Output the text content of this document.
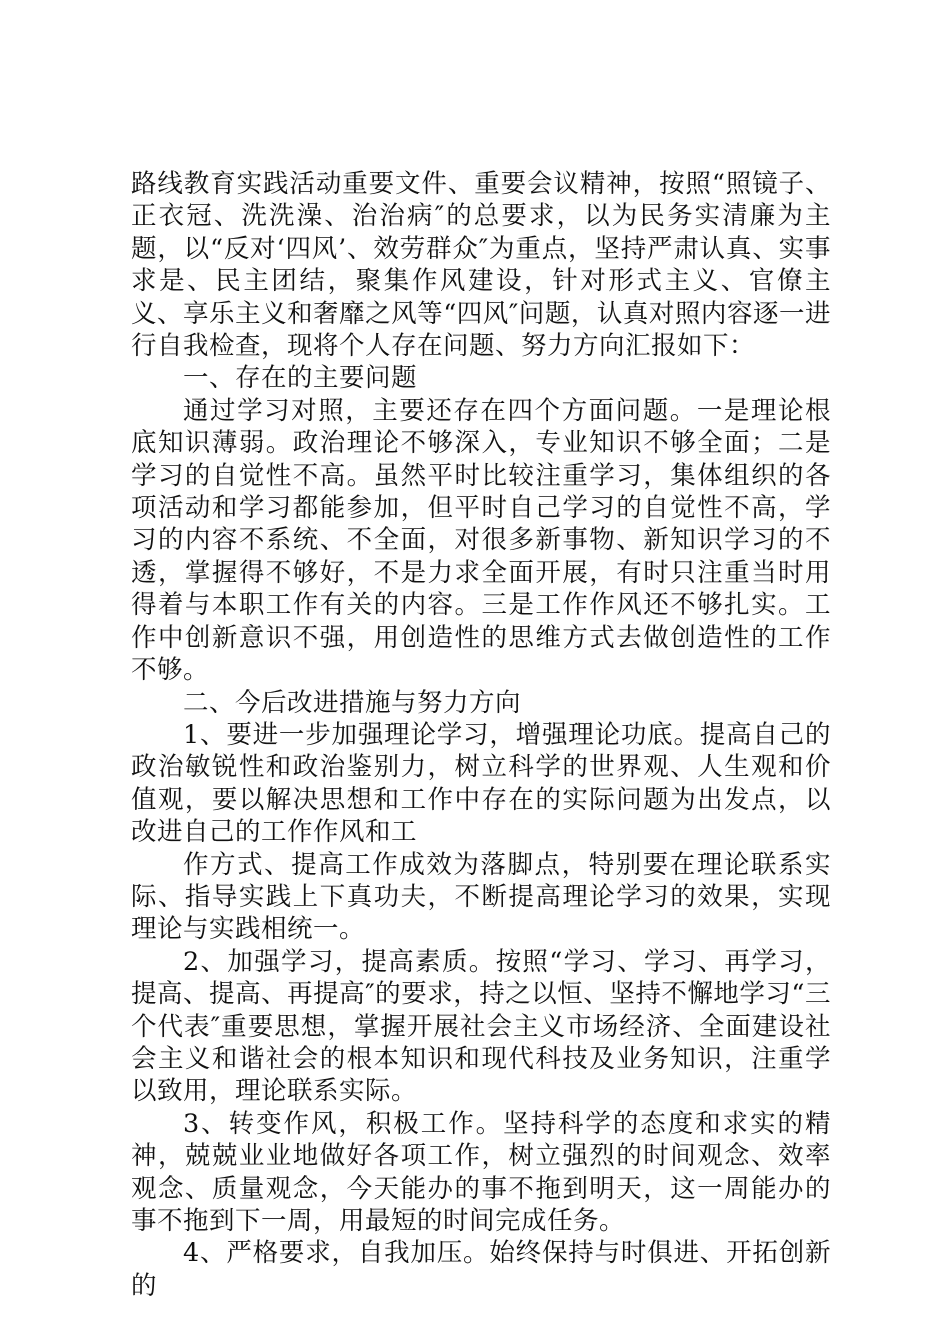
路线教育实践活动重要文件、重要会议精神，按照“照镜子、正衣冠、洗洗澡、治治病″的总要求，以为民务实清廉为主题，以“反对‘四风’、效劳群众″为重点，坚持严肃认真、实事求是、民主团结，聚集作风建设，针对形式主义、官僚主义、享乐主义和奢靡之风等“四风″问题，认真对照内容逐一进行自我检查，现将个人存在问题、努力方向汇报如下：

一、存在的主要问题

通过学习对照，主要还存在四个方面问题。一是理论根底知识薄弱。政治理论不够深入，专业知识不够全面；二是学习的自觉性不高。虽然平时比较注重学习，集体组织的各项活动和学习都能参加，但平时自己学习的自觉性不高，学习的内容不系统、不全面，对很多新事物、新知识学习的不透，掌握得不够好，不是力求全面开展，有时只注重当时用得着与本职工作有关的内容。三是工作作风还不够扎实。工作中创新意识不强，用创造性的思维方式去做创造性的工作不够。

二、今后改进措施与努力方向

1、要进一步加强理论学习，增强理论功底。提高自己的政治敏锐性和政治鉴别力，树立科学的世界观、人生观和价值观，要以解决思想和工作中存在的实际问题为出发点，以改进自己的工作作风和工

作方式、提高工作成效为落脚点，特别要在理论联系实际、指导实践上下真功夫，不断提高理论学习的效果，实现理论与实践相统一。

2、加强学习，提高素质。按照“学习、学习、再学习，提高、提高、再提高″的要求，持之以恒、坚持不懈地学习“三个代表″重要思想，掌握开展社会主义市场经济、全面建设社会主义和谐社会的根本知识和现代科技及业务知识，注重学以致用，理论联系实际。

3、转变作风，积极工作。坚持科学的态度和求实的精神，兢兢业业地做好各项工作，树立强烈的时间观念、效率观念、质量观念，今天能办的事不拖到明天，这一周能办的事不拖到下一周，用最短的时间完成任务。

4、严格要求，自我加压。始终保持与时俱进、开拓创新的
